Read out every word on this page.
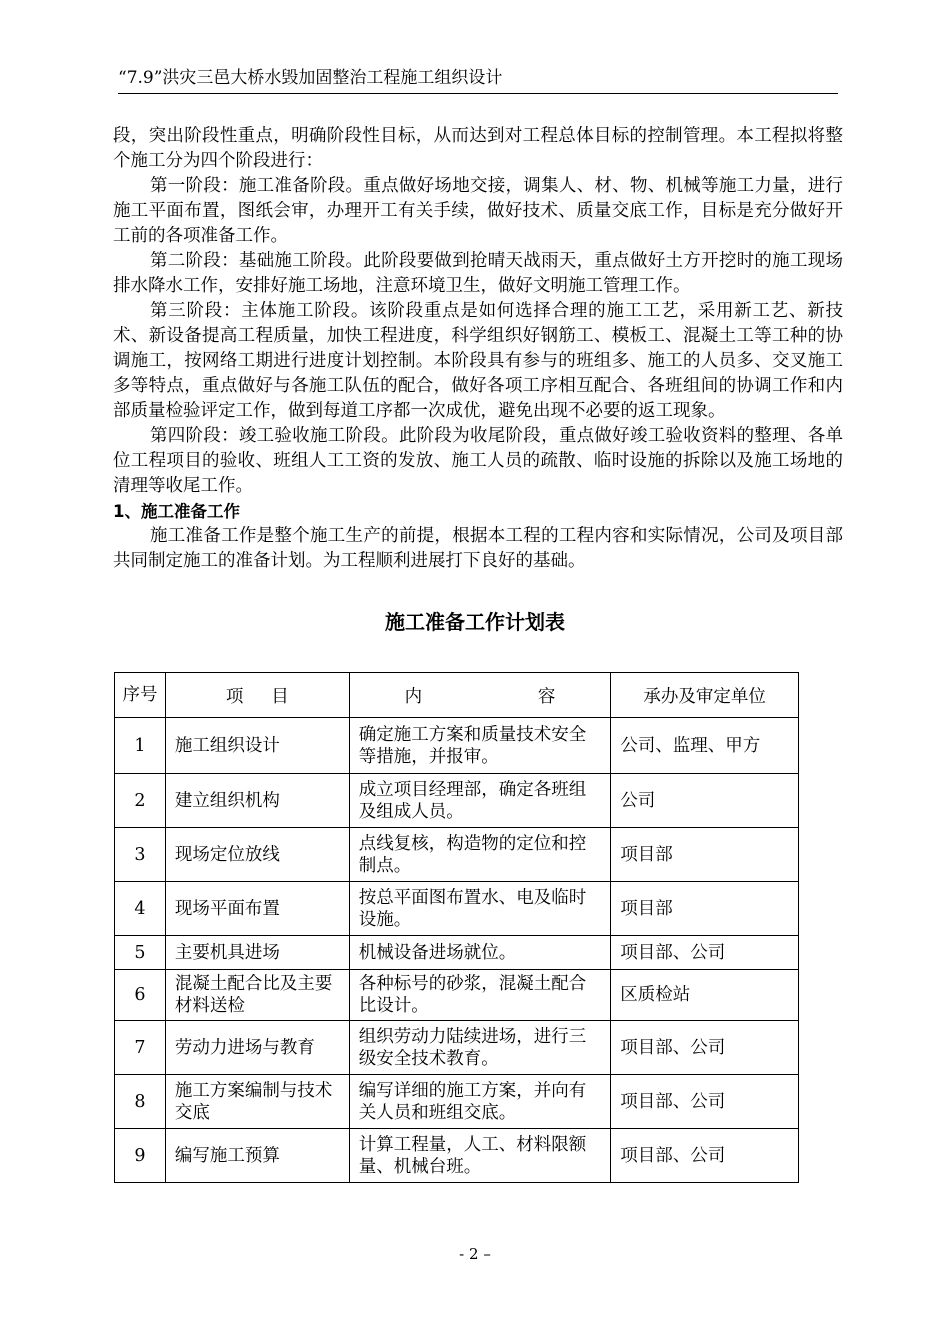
“7.9”洪灾三邑大桥水毁加固整治工程施工组织设计

段，突出阶段性重点，明确阶段性目标，从而达到对工程总体目标的控制管理。本工程拟将整个施工分为四个阶段进行：

第一阶段：施工准备阶段。重点做好场地交接，调集人、材、物、机械等施工力量，进行施工平面布置，图纸会审，办理开工有关手续，做好技术、质量交底工作，目标是充分做好开工前的各项准备工作。

第二阶段：基础施工阶段。此阶段要做到抢晴天战雨天，重点做好土方开挖时的施工现场排水降水工作，安排好施工场地，注意环境卫生，做好文明施工管理工作。

第三阶段：主体施工阶段。该阶段重点是如何选择合理的施工工艺，采用新工艺、新技术、新设备提高工程质量，加快工程进度，科学组织好钢筋工、模板工、混凝土工等工种的协调施工，按网络工期进行进度计划控制。本阶段具有参与的班组多、施工的人员多、交叉施工多等特点，重点做好与各施工队伍的配合，做好各项工序相互配合、各班组间的协调工作和内部质量检验评定工作，做到每道工序都一次成优，避免出现不必要的返工现象。

第四阶段：竣工验收施工阶段。此阶段为收尾阶段，重点做好竣工验收资料的整理、各单位工程项目的验收、班组人工工资的发放、施工人员的疏散、临时设施的拆除以及施工场地的清理等收尾工作。

1、施工准备工作

施工准备工作是整个施工生产的前提，根据本工程的工程内容和实际情况，公司及项目部共同制定施工的准备计划。为工程顺利进展打下良好的基础。

施工准备工作计划表
序号	项目	内 容	承办及审定单位
1	施工组织设计	确定施工方案和质量技术安全等措施，并报审。	公司、监理、甲方
2	建立组织机构	成立项目经理部，确定各班组及组成人员。	公司
3	现场定位放线	点线复核，构造物的定位和控制点。	项目部
4	现场平面布置	按总平面图布置水、电及临时设施。	项目部
5	主要机具进场	机械设备进场就位。	项目部、公司
6	混凝土配合比及主要材料送检	各种标号的砂浆，混凝土配合比设计。	区质检站
7	劳动力进场与教育	组织劳动力陆续进场，进行三级安全技术教育。	项目部、公司
8	施工方案编制与技术交底	编写详细的施工方案，并向有关人员和班组交底。	项目部、公司
9	编写施工预算	计算工程量，人工、材料限额量、机械台班。	项目部、公司
- 2 –
